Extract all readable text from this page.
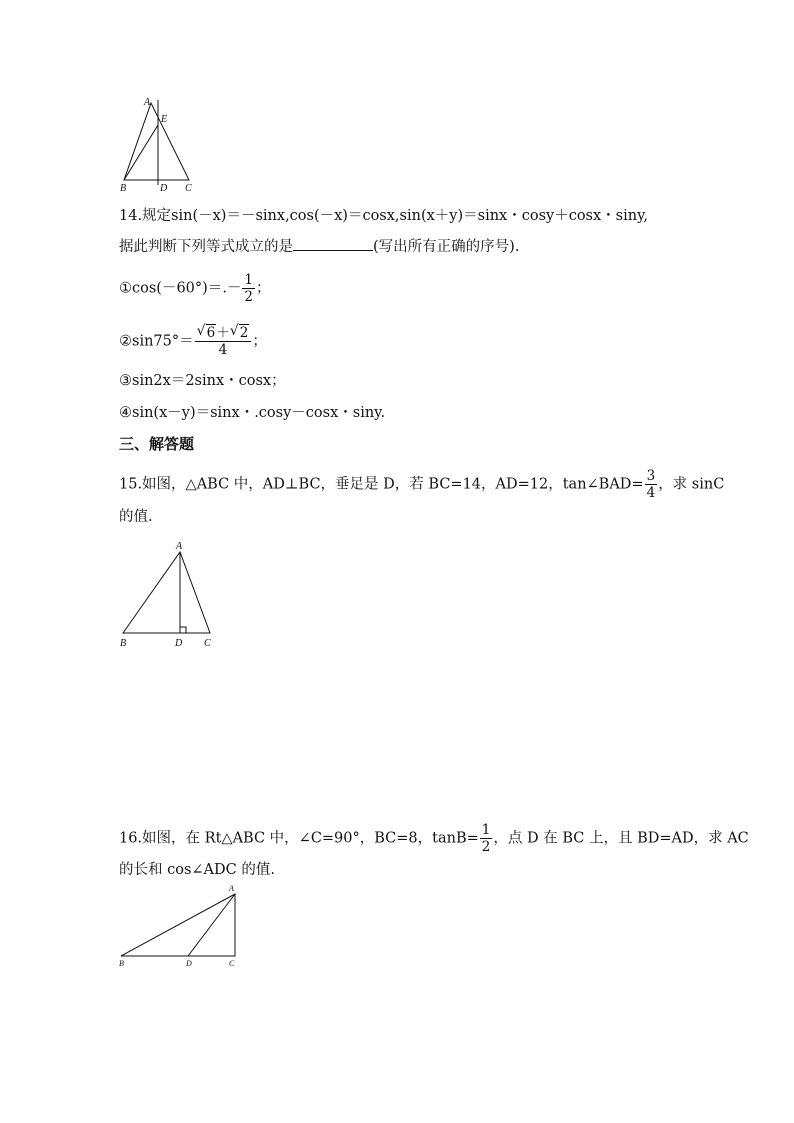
A
E
B	D C
14.规定sin(－x)＝－sinx,cos(－x)＝cosx,sin(x＋y)＝sinx・cosy＋cosx・siny,
据此判断下列等式成立的是	(写出所有正确的序号).
①cos(－60°)＝.－ $\frac{1}{2}$ ；
②sin75°＝ $\frac{√ 6+ √ 2}{4}$ ；
③sin2x＝2sinx・cosx；
④sin(x－y)＝sinx・.cosy－cosx・siny.
三、解答题
15.如图，△ABC 中，AD⊥BC，垂足是 D，若 BC=14，AD=12，tan∠BAD= $\frac{3}{4}$ ，求 sinC
的值.
A
B	D C
16.如图，在 Rt△ABC 中，∠C=90°，BC=8，$\tan B= \frac{1}{2}$ ，点 D 在 BC 上，且 BD=AD，求 AC
的长和 cos∠ADC 的值.
A
B	D	C
